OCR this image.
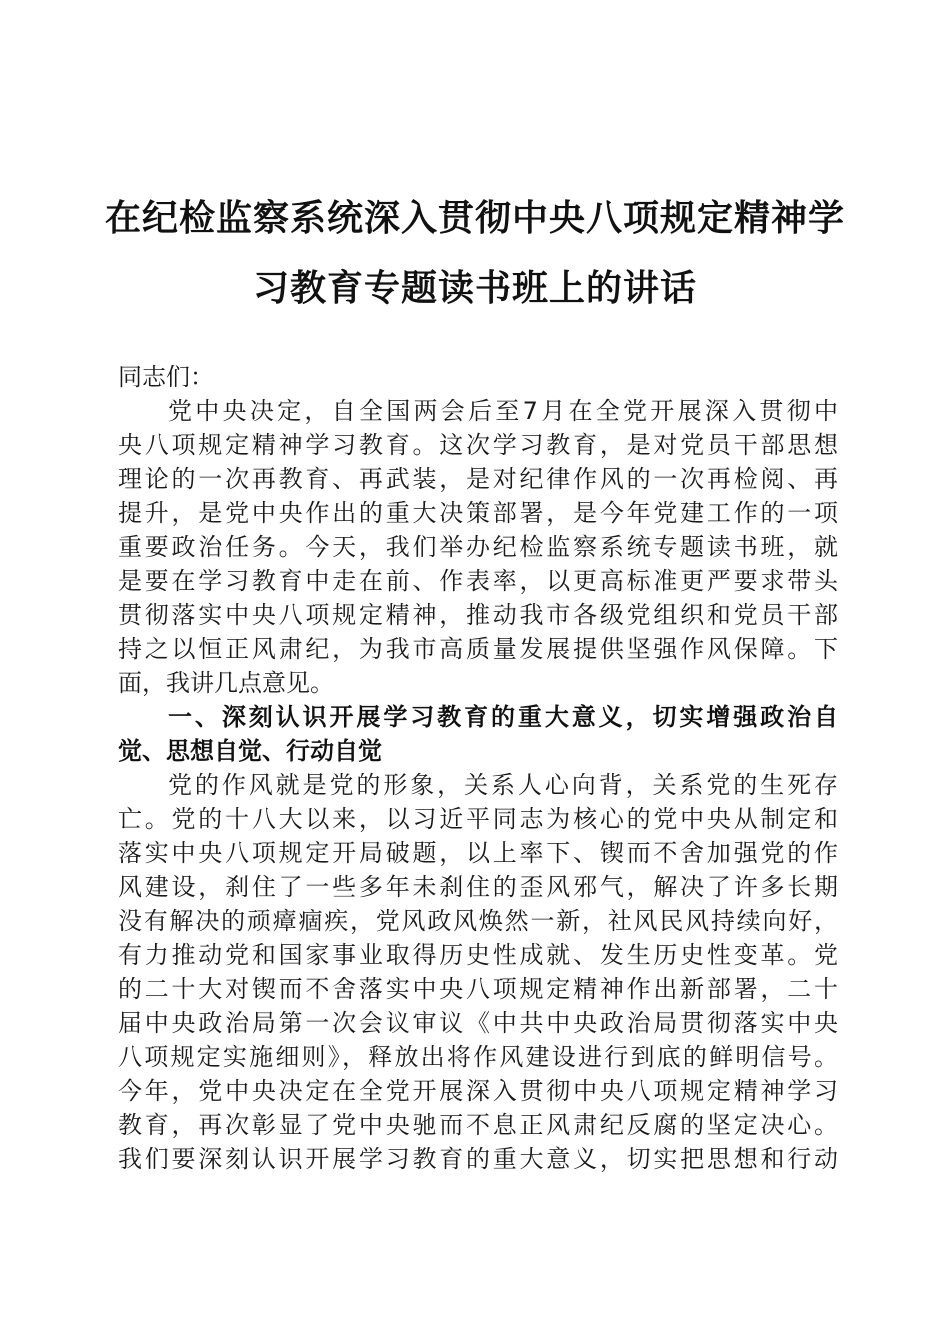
在纪检监察系统深入贯彻中央八项规定精神学
习教育专题读书班上的讲话
同志们：
党中央决定，自全国两会后至7月在全党开展深入贯彻中
央八项规定精神学习教育。这次学习教育，是对党员干部思想
理论的一次再教育、再武装，是对纪律作风的一次再检阅、再
提升，是党中央作出的重大决策部署，是今年党建工作的一项
重要政治任务。今天，我们举办纪检监察系统专题读书班，就
是要在学习教育中走在前、作表率，以更高标准更严要求带头
贯彻落实中央八项规定精神，推动我市各级党组织和党员干部
持之以恒正风肃纪，为我市高质量发展提供坚强作风保障。下
面，我讲几点意见。
一、深刻认识开展学习教育的重大意义，切实增强政治自
觉、思想自觉、行动自觉
党的作风就是党的形象，关系人心向背，关系党的生死存
亡。党的十八大以来，以习近平同志为核心的党中央从制定和
落实中央八项规定开局破题，以上率下、锲而不舍加强党的作
风建设，刹住了一些多年未刹住的歪风邪气，解决了许多长期
没有解决的顽瘴痼疾，党风政风焕然一新，社风民风持续向好，
有力推动党和国家事业取得历史性成就、发生历史性变革。党
的二十大对锲而不舍落实中央八项规定精神作出新部署，二十
届中央政治局第一次会议审议《中共中央政治局贯彻落实中央
八项规定实施细则》，释放出将作风建设进行到底的鲜明信号。
今年，党中央决定在全党开展深入贯彻中央八项规定精神学习
教育，再次彰显了党中央驰而不息正风肃纪反腐的坚定决心。
我们要深刻认识开展学习教育的重大意义，切实把思想和行动
